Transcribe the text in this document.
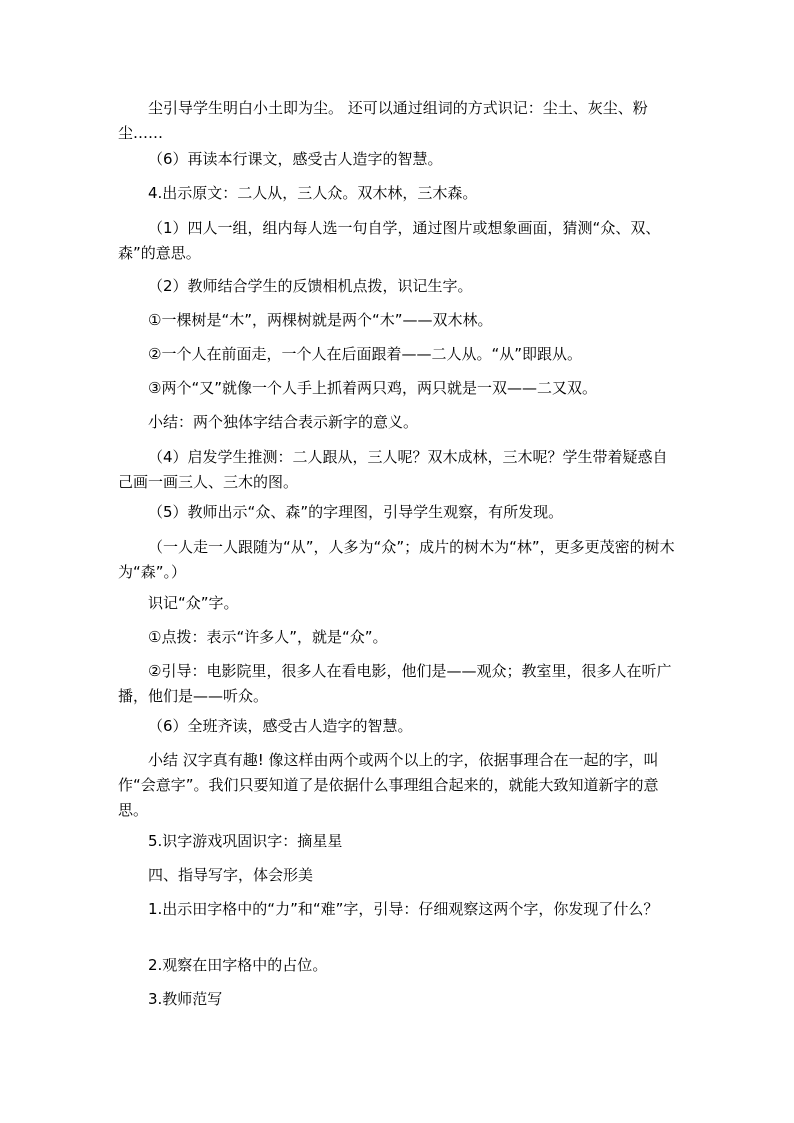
尘引导学生明白小土即为尘。 还可以通过组词的方式识记：尘土、灰尘、粉尘……

（6）再读本行课文，感受古人造字的智慧。

4.出示原文：二人从，三人众。双木林，三木森。

（1）四人一组，组内每人选一句自学，通过图片或想象画面，猜测“众、双、森”的意思。

（2）教师结合学生的反馈相机点拨，识记生字。

①一棵树是“木”，两棵树就是两个“木”——双木林。

②一个人在前面走，一个人在后面跟着——二人从。“从”即跟从。

③两个“又”就像一个人手上抓着两只鸡，两只就是一双——二又双。

小结：两个独体字结合表示新字的意义。

（4）启发学生推测：二人跟从，三人呢？双木成林，三木呢？学生带着疑惑自己画一画三人、三木的图。

（5）教师出示“众、森”的字理图，引导学生观察，有所发现。

（一人走一人跟随为“从”，人多为“众”；成片的树木为“林”，更多更茂密的树木为“森”。）

识记“众”字。

①点拨：表示“许多人”，就是“众”。

②引导：电影院里，很多人在看电影，他们是——观众；教室里，很多人在听广播，他们是——听众。

（6）全班齐读，感受古人造字的智慧。

小结 汉字真有趣! 像这样由两个或两个以上的字，依据事理合在一起的字，叫作“会意字”。我们只要知道了是依据什么事理组合起来的，就能大致知道新字的意思。

5.识字游戏巩固识字：摘星星

四、指导写字，体会形美

1.出示田字格中的“力”和“难”字，引导：仔细观察这两个字，你发现了什么？

2.观察在田字格中的占位。

3.教师范写
